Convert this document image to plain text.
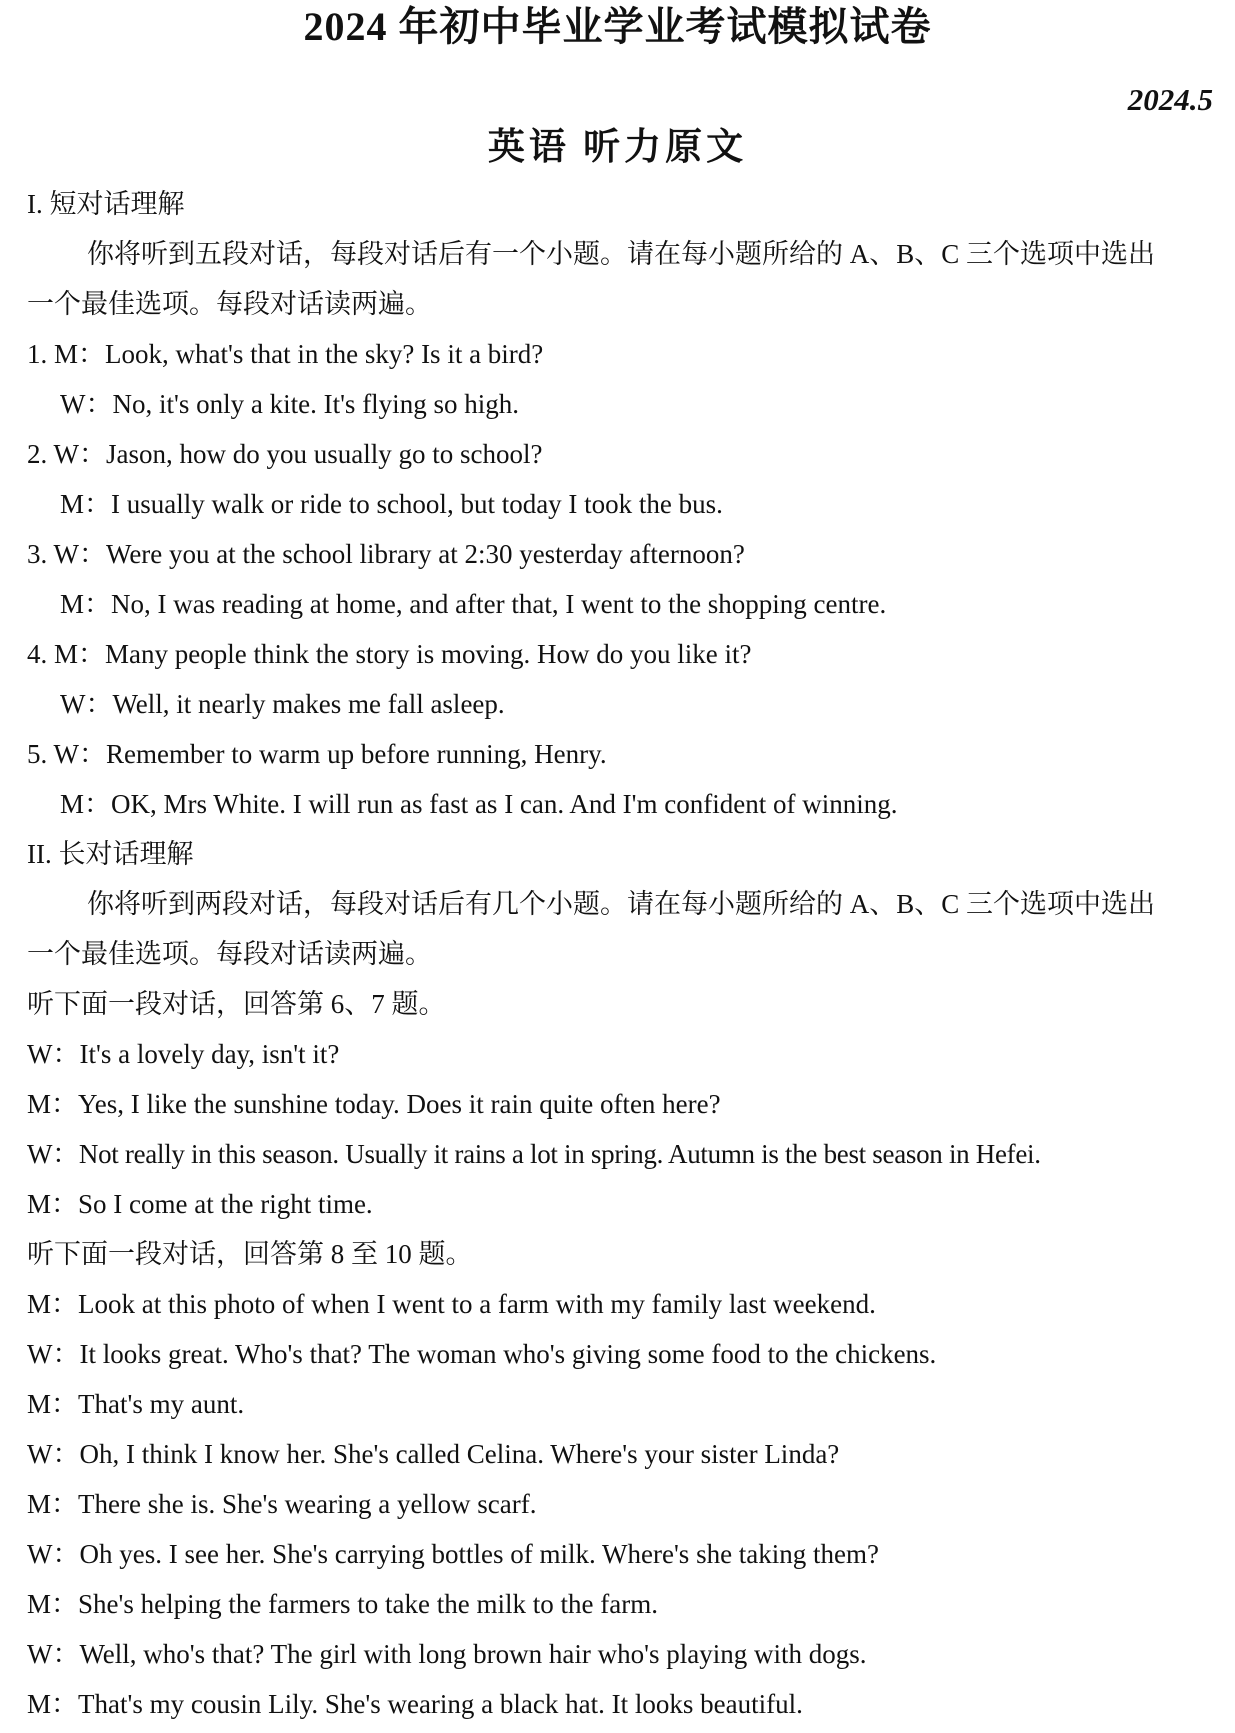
2024 年初中毕业学业考试模拟试卷
2024.5
英语 听力原文
I. 短对话理解
你将听到五段对话，每段对话后有一个小题。请在每小题所给的 A、B、C 三个选项中选出
一个最佳选项。每段对话读两遍。
1. M：Look, what's that in the sky? Is it a bird?
W：No, it's only a kite. It's flying so high.
2. W：Jason, how do you usually go to school?
M：I usually walk or ride to school, but today I took the bus.
3. W：Were you at the school library at 2:30 yesterday afternoon?
M：No, I was reading at home, and after that, I went to the shopping centre.
4. M：Many people think the story is moving. How do you like it?
W：Well, it nearly makes me fall asleep.
5. W：Remember to warm up before running, Henry.
M：OK, Mrs White. I will run as fast as I can. And I'm confident of winning.
II. 长对话理解
你将听到两段对话，每段对话后有几个小题。请在每小题所给的 A、B、C 三个选项中选出
一个最佳选项。每段对话读两遍。
听下面一段对话，回答第 6、7 题。
W：It's a lovely day, isn't it?
M：Yes, I like the sunshine today. Does it rain quite often here?
W：Not really in this season. Usually it rains a lot in spring. Autumn is the best season in Hefei.
M：So I come at the right time.
听下面一段对话，回答第 8 至 10 题。
M：Look at this photo of when I went to a farm with my family last weekend.
W：It looks great. Who's that? The woman who's giving some food to the chickens.
M：That's my aunt.
W：Oh, I think I know her. She's called Celina. Where's your sister Linda?
M：There she is. She's wearing a yellow scarf.
W：Oh yes. I see her. She's carrying bottles of milk. Where's she taking them?
M：She's helping the farmers to take the milk to the farm.
W：Well, who's that? The girl with long brown hair who's playing with dogs.
M：That's my cousin Lily. She's wearing a black hat. It looks beautiful.
